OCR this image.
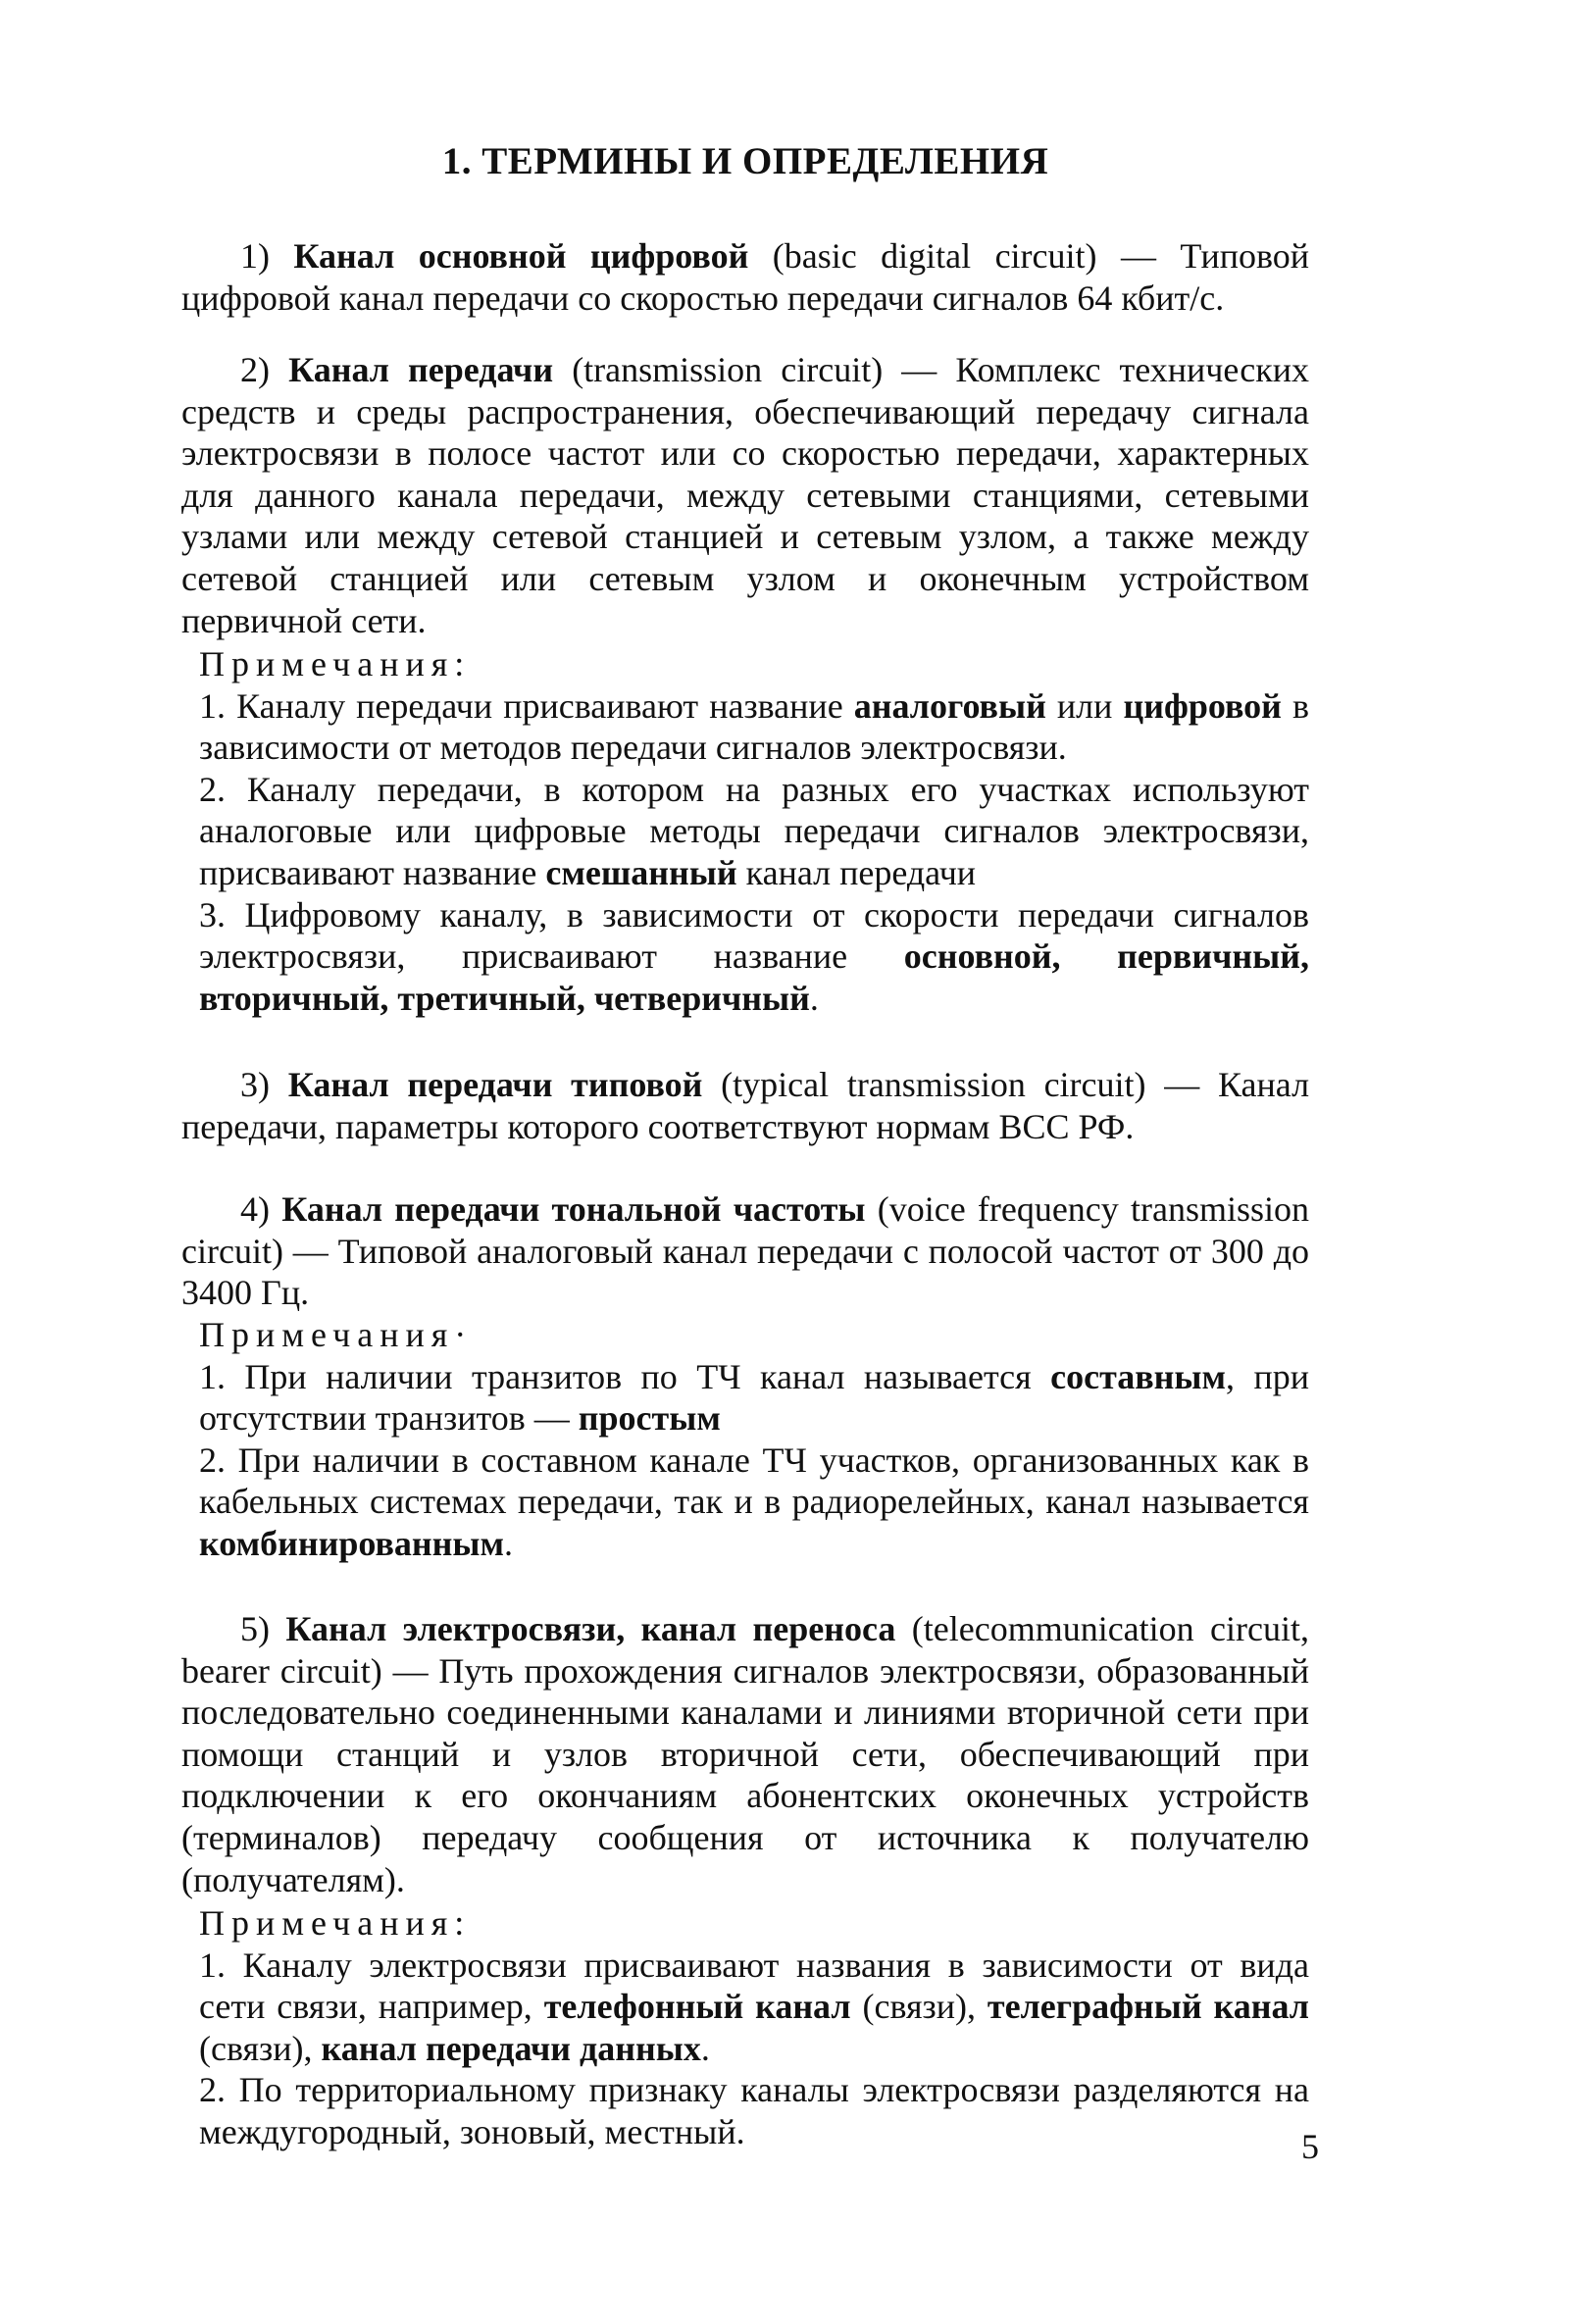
1. ТЕРМИНЫ И ОПРЕДЕЛЕНИЯ
1) Канал основной цифровой (basic digital circuit) — Типовой цифровой канал передачи со скоростью передачи сигналов 64 кбит/с.
2) Канал передачи (transmission circuit) — Комплекс технических средств и среды распространения, обеспечивающий передачу сигнала электросвязи в полосе частот или со скоростью передачи, характерных для данного канала передачи, между сетевыми станциями, сетевыми узлами или между сетевой станцией и сетевым узлом, а также между сетевой станцией или сетевым узлом и оконечным устройством первичной сети.
Примечания:
1. Каналу передачи присваивают название аналоговый или цифровой в зависимости от методов передачи сигналов электросвязи.
2. Каналу передачи, в котором на разных его участках используют аналоговые или цифровые методы передачи сигналов электросвязи, присваивают название смешанный канал передачи
3. Цифровому каналу, в зависимости от скорости передачи сигналов электросвязи, присваивают название основной, первичный, вторичный, третичный, четверичный.
3) Канал передачи типовой (typical transmission circuit) — Канал передачи, параметры которого соответствуют нормам ВСС РФ.
4) Канал передачи тональной частоты (voice frequency transmission circuit) — Типовой аналоговый канал передачи с полосой частот от 300 до 3400 Гц.
Примечания·
1. При наличии транзитов по ТЧ канал называется составным, при отсутствии транзитов — простым
2. При наличии в составном канале ТЧ участков, организованных как в кабельных системах передачи, так и в радиорелейных, канал называется комбинированным.
5) Канал электросвязи, канал переноса (telecommunication circuit, bearer circuit) — Путь прохождения сигналов электросвязи, образованный последовательно соединенными каналами и линиями вторичной сети при помощи станций и узлов вторичной сети, обеспечивающий при подключении к его окончаниям абонентских оконечных устройств (терминалов) передачу сообщения от источника к получателю (получателям).
Примечания:
1. Каналу электросвязи присваивают названия в зависимости от вида сети связи, например, телефонный канал (связи), телеграфный канал (связи), канал передачи данных.
2. По территориальному признаку каналы электросвязи разделяются на междугородный, зоновый, местный.	5
